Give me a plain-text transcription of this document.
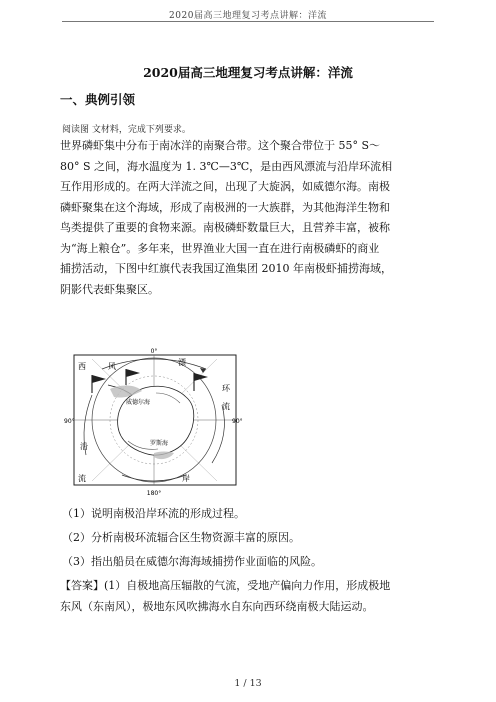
2020届高三地理复习考点讲解：洋流
2020届高三地理复习考点讲解：洋流
一、典例引领
阅读图 文材料，完成下列要求。
世界磷虾集中分布于南冰洋的南聚合带。这个聚合带位于 55° S～
80° S 之间，海水温度为 1. 3℃—3℃，是由西风漂流与沿岸环流相
互作用形成的。在两大洋流之间，出现了大旋涡，如威德尔海。南极
磷虾聚集在这个海域，形成了南极洲的一大族群，为其他海洋生物和
鸟类提供了重要的食物来源。南极磷虾数量巨大，且营养丰富，被称
为“海上粮仓”。多年来，世界渔业大国一直在进行南极磷虾的商业
捕捞活动，下图中红旗代表我国辽渔集团 2010 年南极虾捕捞海域，
阴影代表虾集聚区。
0°
180°
90°	90°
威德尔海
罗斯海
西	风	漂
环
沿
流
岸
流
（1）说明南极沿岸环流的形成过程。
（2）分析南极环流辐合区生物资源丰富的原因。
（3）指出船员在威德尔海海域捕捞作业面临的风险。
【答案】(1）自极地高压辐散的气流，受地产偏向力作用，形成极地
东风（东南风），极地东风吹拂海水自东向西环绕南极大陆运动。
1 / 13
